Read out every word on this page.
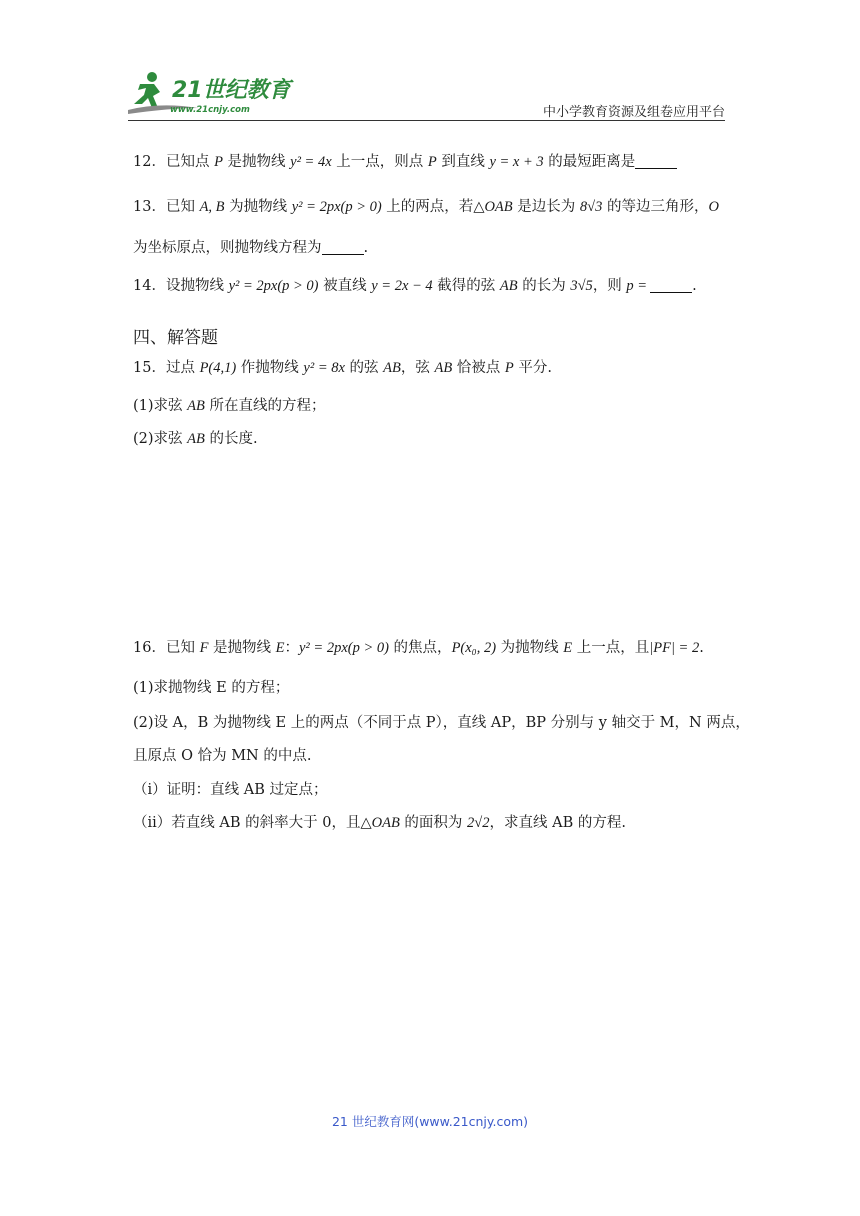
21世纪教育
www.21cnjy.com	中小学教育资源及组卷应用平台
12．已知点 P 是抛物线 y² = 4x 上一点，则点 P 到直线 y = x + 3 的最短距离是
13．已知 A, B 为抛物线 y² = 2px(p > 0) 上的两点，若△OAB 是边长为 8√3 的等边三角形，O
为坐标原点，则抛物线方程为	.
14．设抛物线 y² = 2px(p > 0) 被直线 y = 2x − 4 截得的弦 AB 的长为 3√5，则 p =	.
四、解答题
15．过点 P(4,1) 作抛物线 y² = 8x 的弦 AB，弦 AB 恰被点 P 平分.
(1)求弦 AB 所在直线的方程；
(2)求弦 AB 的长度.
16．已知 F 是抛物线 E：y² = 2px(p > 0) 的焦点，P(x₀, 2) 为抛物线 E 上一点，且|PF| = 2.
(1)求抛物线 E 的方程；
(2)设 A，B 为抛物线 E 上的两点（不同于点 P），直线 AP，BP 分别与 y 轴交于 M，N 两点，
且原点 O 恰为 MN 的中点.
（i）证明：直线 AB 过定点；
（ii）若直线 AB 的斜率大于 0，且△OAB 的面积为 2√2，求直线 AB 的方程.
21 世纪教育网(www.21cnjy.com)
